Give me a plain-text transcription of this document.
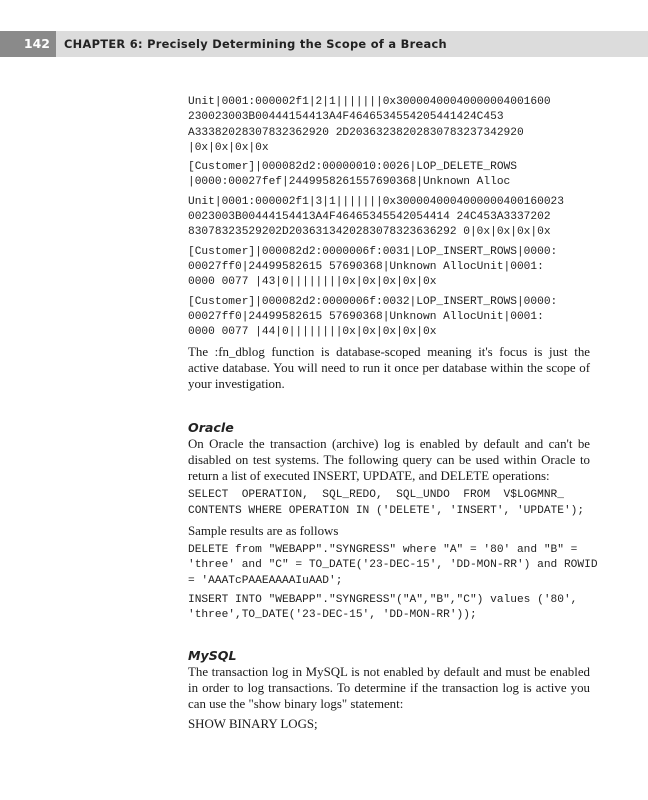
142	CHAPTER 6: Precisely Determining the Scope of a Breach
Unit|0001:000002f1|2|1|||||||0x30000400040000004001600
230023003B00444154413A4F4646534554205441424C453
A33382028307832362920 2D20363238202830783237342920
|0x|0x|0x|0x
[Customer]|000082d2:00000010:0026|LOP_DELETE_ROWS
|0000:00027fef|2449958261557690368|Unknown Alloc
Unit|0001:000002f1|3|1|||||||0x30000400040000004001600​23
0023003B00444154413A4F46465345542054414 24C453A3337202
83078323529202D2036313420283078323636292 0|0x|0x|0x|0x
[Customer]|000082d2:0000006f:0031|LOP_INSERT_ROWS|0000:
00027ff0|24499582615 57690368|Unknown AllocUnit|0001:
0000 0077 |43|0||||||||0x|0x|0x|0x|0x
[Customer]|000082d2:0000006f:0032|LOP_INSERT_ROWS|0000:
00027ff0|24499582615 57690368|Unknown AllocUnit|0001:
0000 0077 |44|0||||||||0x|0x|0x|0x|0x

The :fn_dblog function is database-scoped meaning it's focus is just the active database. You will need to run it once per database within the scope of your investigation.

Oracle

On Oracle the transaction (archive) log is enabled by default and can't be disabled on test systems. The following query can be used within Oracle to return a list of executed INSERT, UPDATE, and DELETE operations:

SELECT  OPERATION,  SQL_REDO,  SQL_UNDO  FROM  V$LOGMNR_
CONTENTS WHERE OPERATION IN ('DELETE', 'INSERT', 'UPDATE');

Sample results are as follows

DELETE from "WEBAPP"."SYNGRESS" where "A" = '80' and "B" =
'three' and "C" = TO_DATE('23-DEC-15', 'DD-MON-RR') and ROWID
= 'AAATcPAAEAAAAIuAAD';
INSERT INTO "WEBAPP"."SYNGRESS"("A","B","C") values ('80',
'three',TO_DATE('23-DEC-15', 'DD-MON-RR'));
MySQL

The transaction log in MySQL is not enabled by default and must be enabled in order to log transactions. To determine if the transaction log is active you can use the "show binary logs" statement:

SHOW BINARY LOGS;
